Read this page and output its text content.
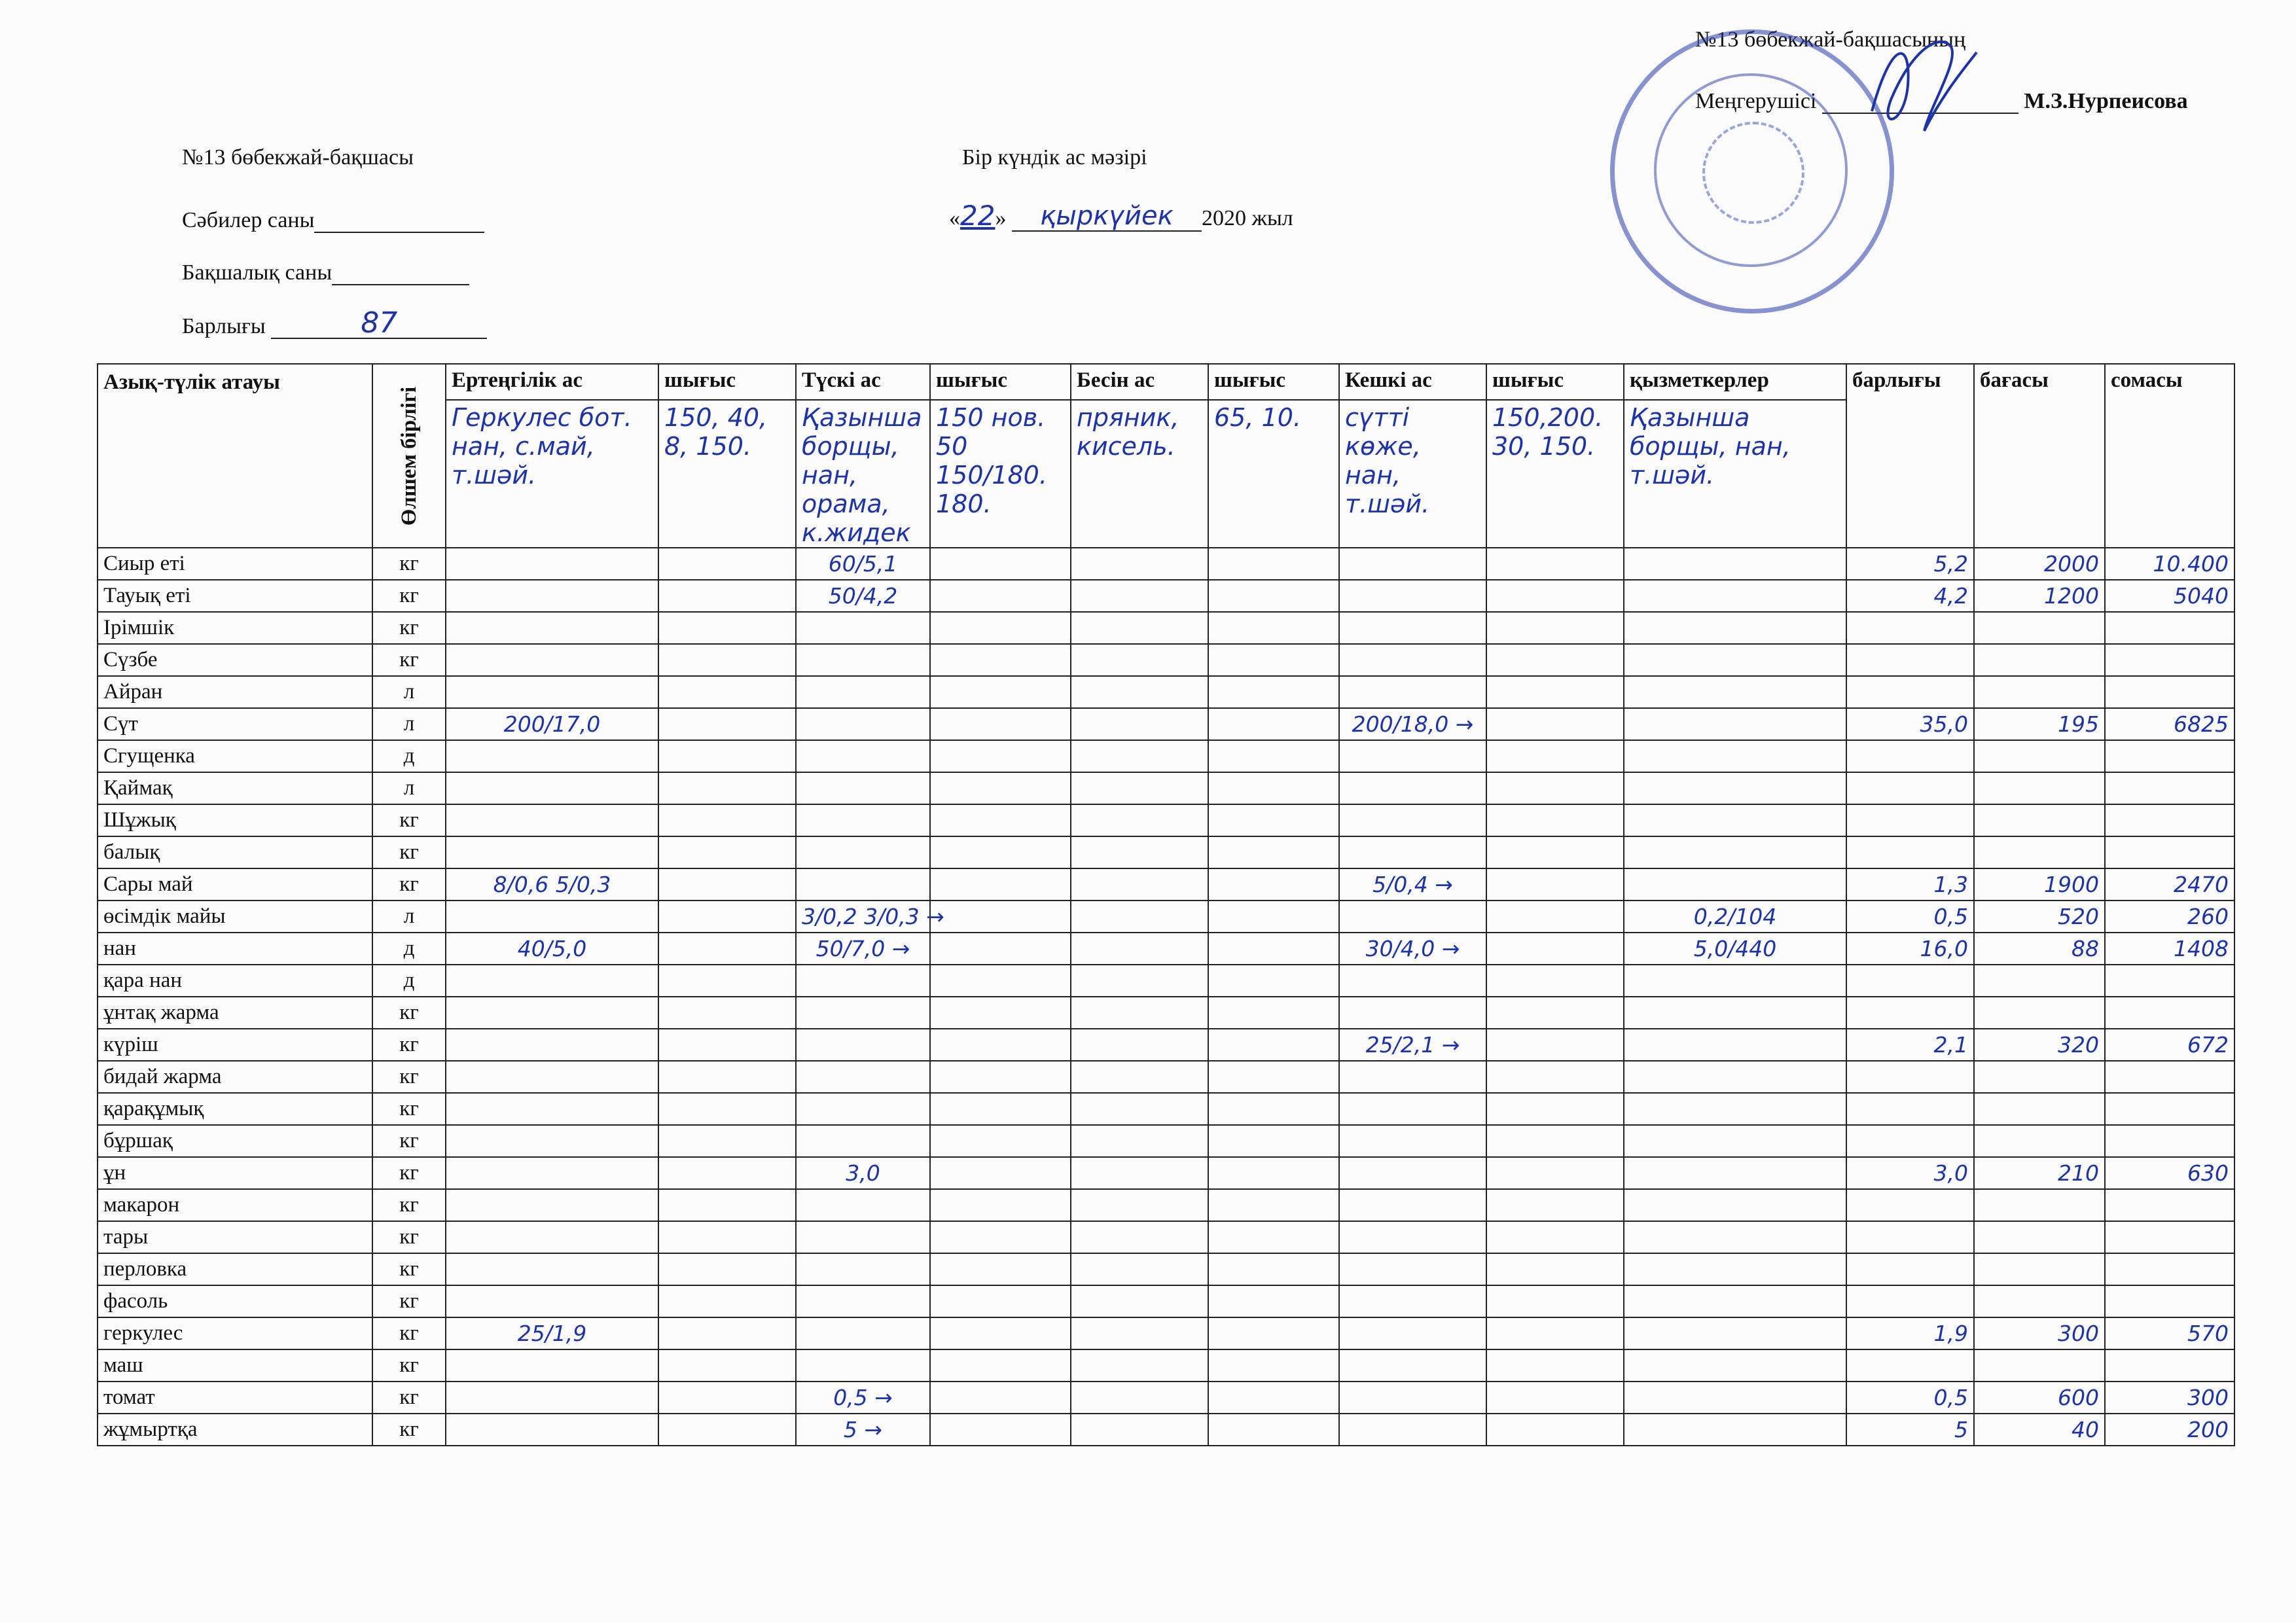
№13 бөбекжай-бақшасының
Меңгерушісі	М.З.Нурпеисова
№13 бөбекжай-бақшасы
Сәбилер саны
Бақшалық саны
Барлығы	87
Бір күндік ас мәзірі
«22» қыркүйек 2020 жыл
Азық-түлік атауы	Өлшем бірлігі	Ертеңгілік ас	шығыс	Түскі ас	шығыс	Бесін ас	шығыс	Кешкі ас	шығыс	қызметкерлер	барлығы	бағасы	сомасы

		Геркулес бот. нан, с.май, т.шәй.	150, 40, 8, 150.	Қазынша борщы, нан, орама, к.жидек	150 нов. 50 150/180. 180.	пряник, кисель.	65, 10.	сүтті көже, нан, т.шәй.	150,200. 30, 150.	Қазынша борщы, нан, т.шәй.			

Сиыр еті	кг			60/5,1							5,2	2000	10.400
Тауық еті	кг			50/4,2							4,2	1200	5040
Ірімшік	кг												
Сүзбе	кг												
Айран	л												
Сүт	л	200/17,0						200/18,0 →			35,0	195	6825
Сгущенка	д												
Қаймақ	л												
Шұжық	кг												
балық	кг												
Сары май	кг	8/0,6 5/0,3						5/0,4 →			1,3	1900	2470
өсімдік майы	л			3/0,2 3/0,3 →						0,2/104	0,5	520	260
нан	д	40/5,0		50/7,0 →				30/4,0 →		5,0/440	16,0	88	1408
қара нан	д												
ұнтақ жарма	кг												
күріш	кг							25/2,1 →			2,1	320	672
бидай жарма	кг												
қарақұмық	кг												
бұршақ	кг												
ұн	кг			3,0							3,0	210	630
макарон	кг												
тары	кг												
перловка	кг												
фасоль	кг												
геркулес	кг	25/1,9									1,9	300	570
маш	кг												
томат	кг			0,5 →							0,5	600	300
жұмыртқа	кг			5 →							5	40	200
